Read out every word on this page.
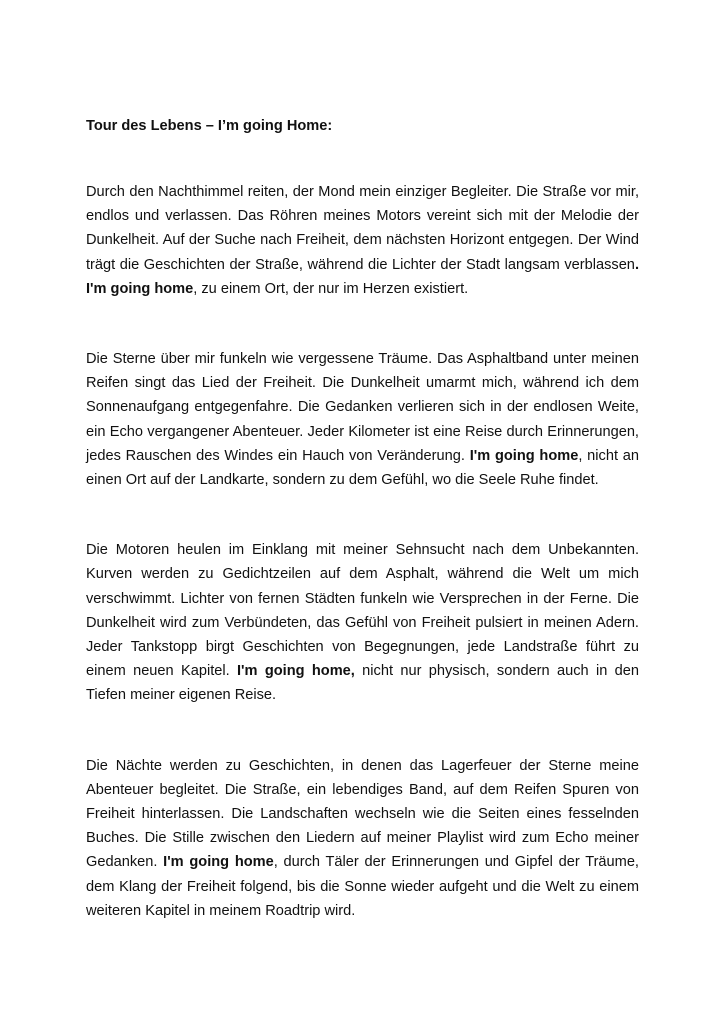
Tour des Lebens – I’m going Home:

Durch den Nachthimmel reiten, der Mond mein einziger Begleiter. Die Straße vor mir, endlos und verlassen. Das Röhren meines Motors vereint sich mit der Melodie der Dunkelheit. Auf der Suche nach Freiheit, dem nächsten Horizont entgegen. Der Wind trägt die Geschichten der Straße, während die Lichter der Stadt langsam verblassen. I'm going home, zu einem Ort, der nur im Herzen existiert.

Die Sterne über mir funkeln wie vergessene Träume. Das Asphaltband unter meinen Reifen singt das Lied der Freiheit. Die Dunkelheit umarmt mich, während ich dem Sonnenaufgang entgegenfahre. Die Gedanken verlieren sich in der endlosen Weite, ein Echo vergangener Abenteuer. Jeder Kilometer ist eine Reise durch Erinnerungen, jedes Rauschen des Windes ein Hauch von Veränderung. I'm going home, nicht an einen Ort auf der Landkarte, sondern zu dem Gefühl, wo die Seele Ruhe findet.

Die Motoren heulen im Einklang mit meiner Sehnsucht nach dem Unbekannten. Kurven werden zu Gedichtzeilen auf dem Asphalt, während die Welt um mich verschwimmt. Lichter von fernen Städten funkeln wie Versprechen in der Ferne. Die Dunkelheit wird zum Verbündeten, das Gefühl von Freiheit pulsiert in meinen Adern. Jeder Tankstopp birgt Geschichten von Begegnungen, jede Landstraße führt zu einem neuen Kapitel. I'm going home, nicht nur physisch, sondern auch in den Tiefen meiner eigenen Reise.

Die Nächte werden zu Geschichten, in denen das Lagerfeuer der Sterne meine Abenteuer begleitet. Die Straße, ein lebendiges Band, auf dem Reifen Spuren von Freiheit hinterlassen. Die Landschaften wechseln wie die Seiten eines fesselnden Buches. Die Stille zwischen den Liedern auf meiner Playlist wird zum Echo meiner Gedanken. I'm going home, durch Täler der Erinnerungen und Gipfel der Träume, dem Klang der Freiheit folgend, bis die Sonne wieder aufgeht und die Welt zu einem weiteren Kapitel in meinem Roadtrip wird.
